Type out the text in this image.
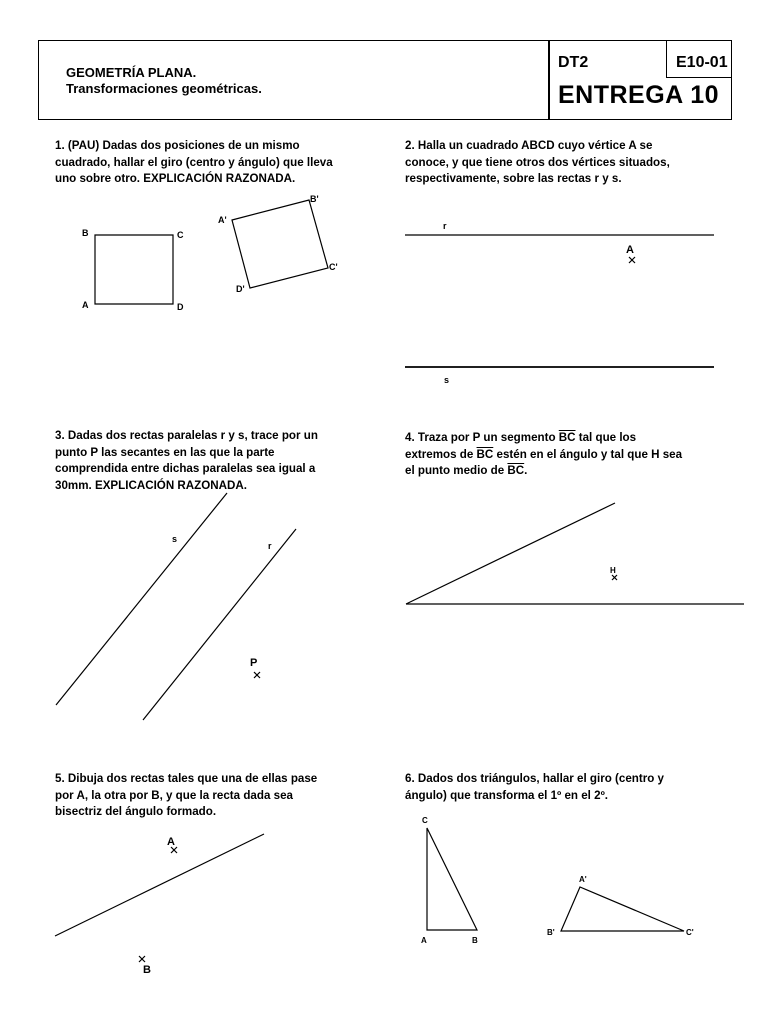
GEOMETRÍA PLANA.
Transformaciones geométricas.
DT2	E10-01
ENTREGA 10
1. (PAU) Dadas dos posiciones de un mismo
cuadrado, hallar el giro (centro y ángulo) que lleva
uno sobre otro. EXPLICACIÓN RAZONADA.
2. Halla un cuadrado ABCD cuyo vértice A se
conoce, y que tiene otros dos vértices situados,
respectivamente, sobre las rectas r y s.
3. Dadas dos rectas paralelas r y s, trace por un
punto P las secantes en las que la parte
comprendida entre dichas paralelas sea igual a
30mm. EXPLICACIÓN RAZONADA.
4. Traza por P un segmento $\overline{BC}$ tal que los
extremos de $\overline{BC}$ estén en el ángulo y tal que H sea
el punto medio de $\overline{BC}$.
5. Dibuja dos rectas tales que una de ellas pase
por A, la otra por B, y que la recta dada sea
bisectriz del ángulo formado.
6. Dados dos triángulos, hallar el giro (centro y
ángulo) que transforma el 1º en el 2º.
B	C
A	D
A'
B'
C'
D'
r
A
s
s
r
P
H
A
B
C
A	B
A'
B'	C'
